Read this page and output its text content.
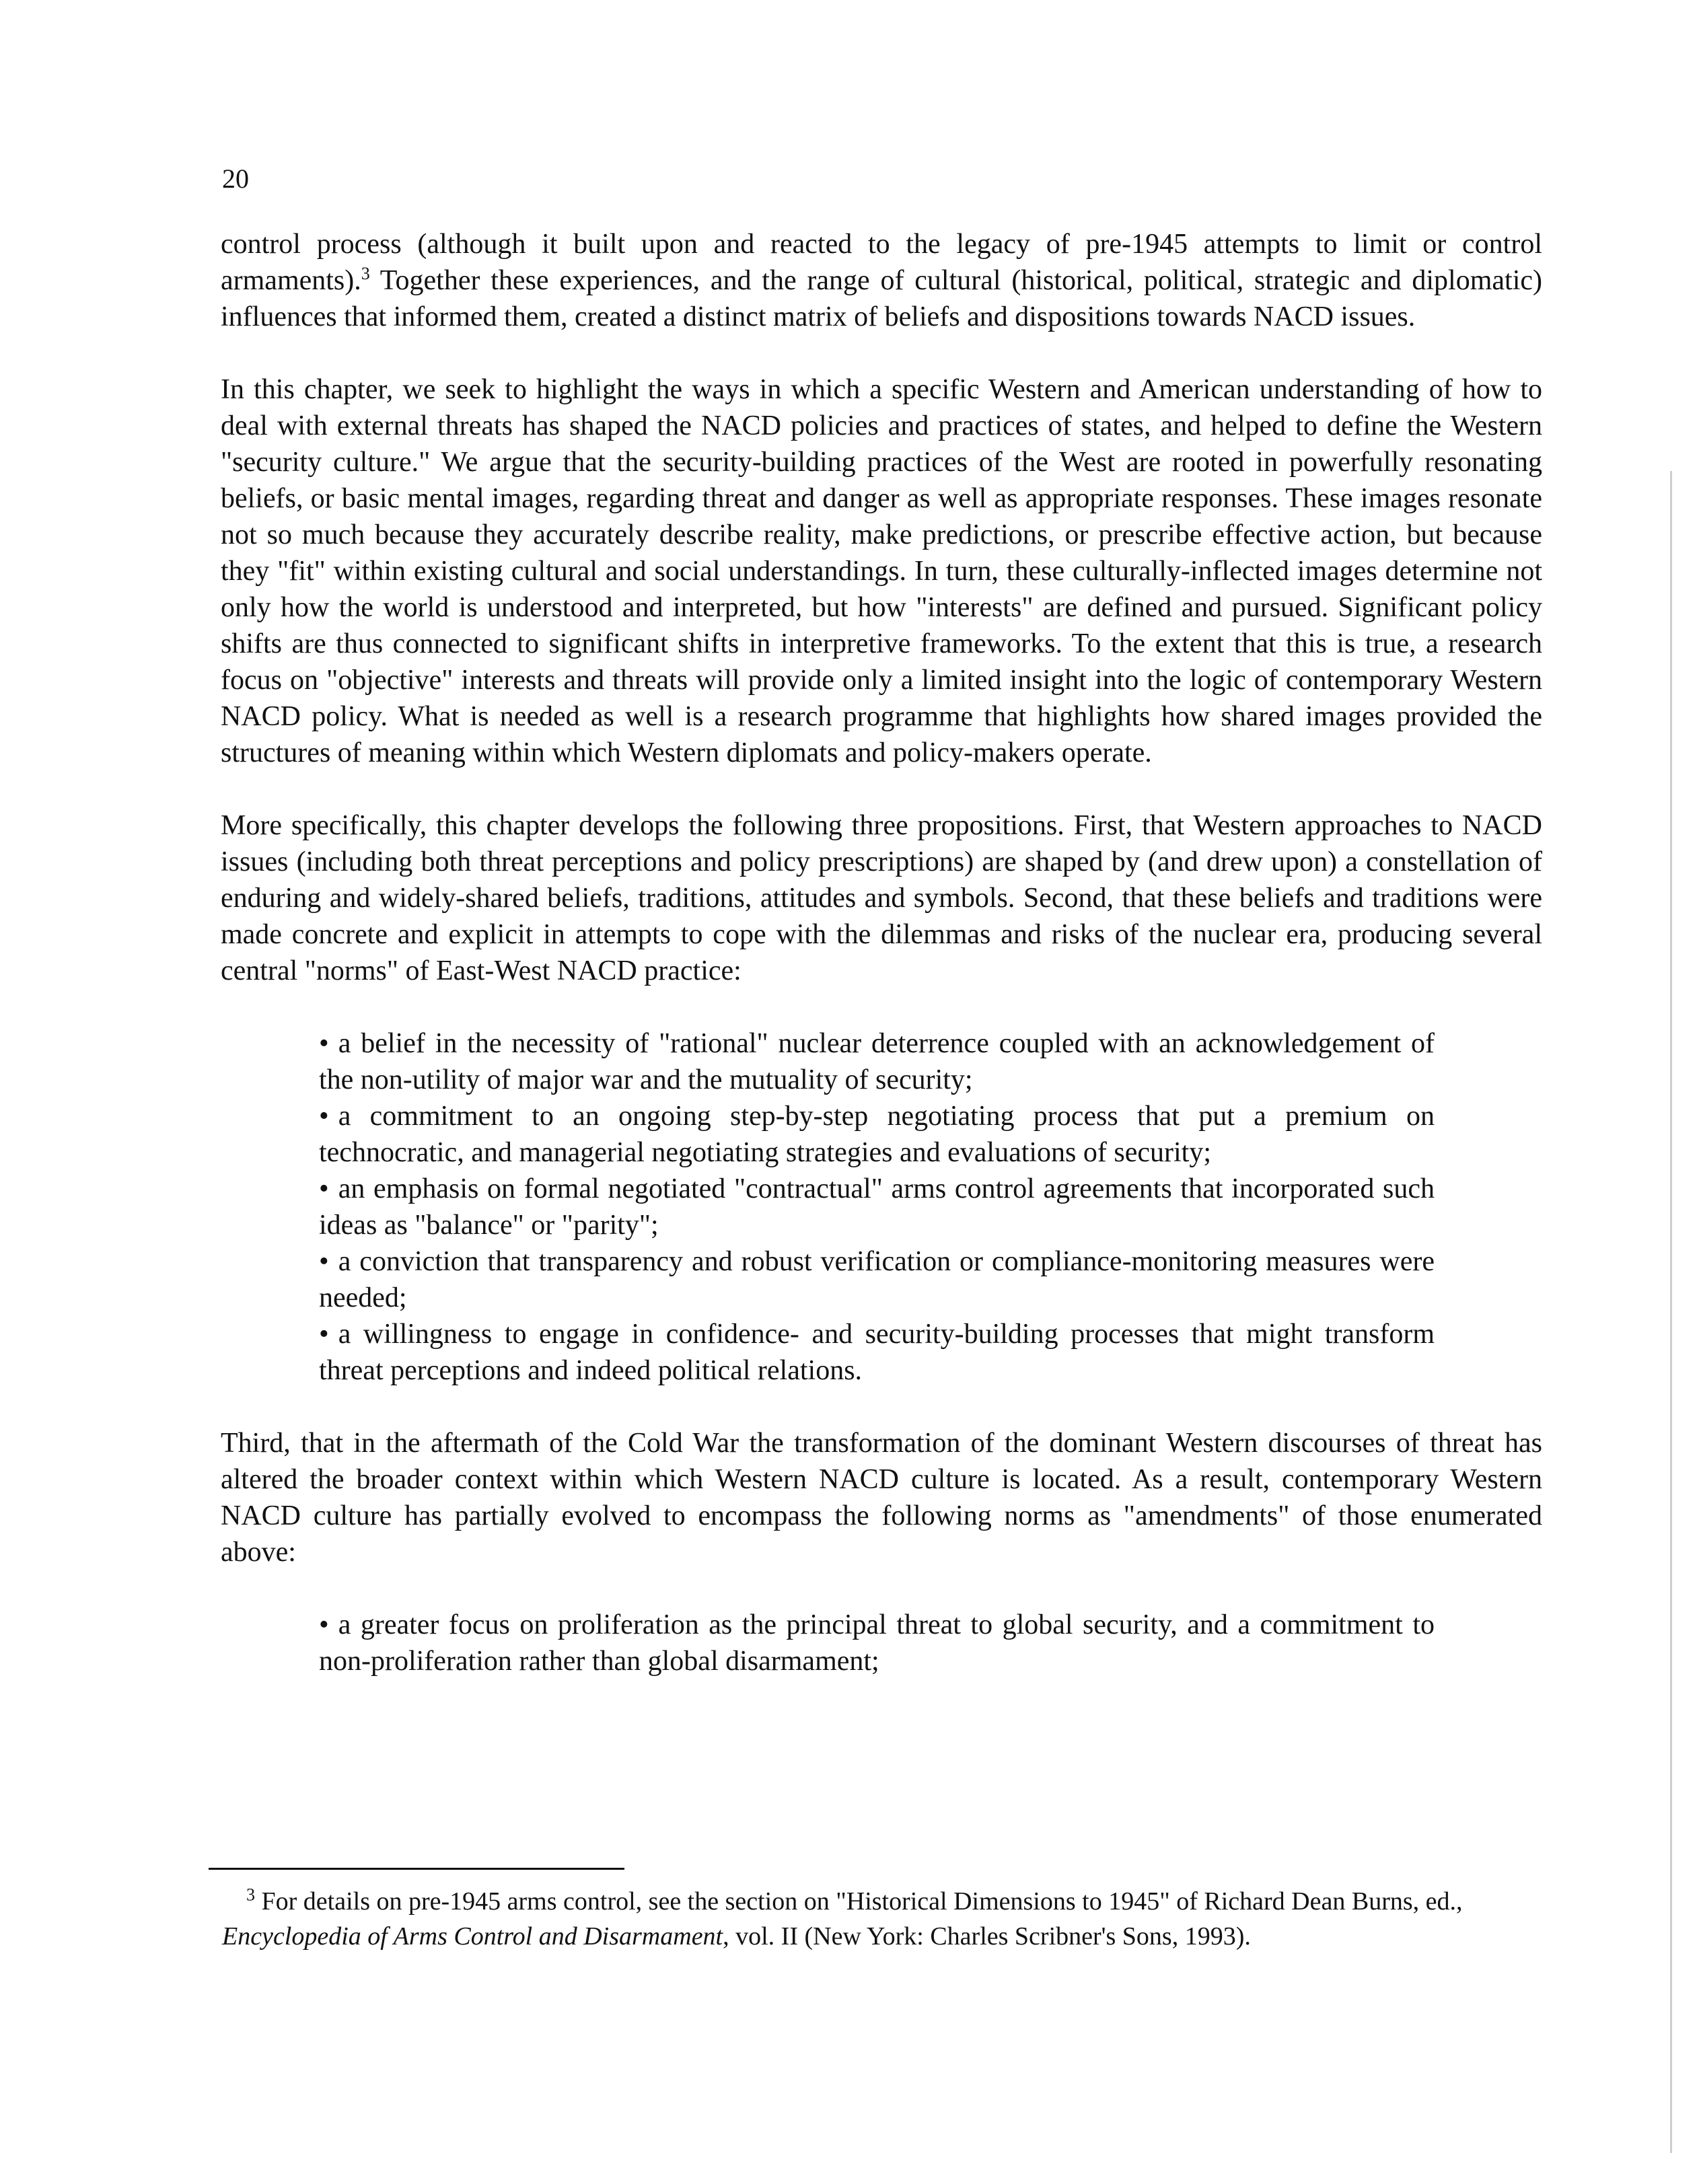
20

control process (although it built upon and reacted to the legacy of pre-1945 attempts to limit or control armaments).$^3$ Together these experiences, and the range of cultural (historical, political, strategic and diplomatic) influences that informed them, created a distinct matrix of beliefs and dispositions towards NACD issues.

In this chapter, we seek to highlight the ways in which a specific Western and American understanding of how to deal with external threats has shaped the NACD policies and practices of states, and helped to define the Western "security culture." We argue that the security-building practices of the West are rooted in powerfully resonating beliefs, or basic mental images, regarding threat and danger as well as appropriate responses. These images resonate not so much because they accurately describe reality, make predictions, or prescribe effective action, but because they "fit" within existing cultural and social understandings. In turn, these culturally-inflected images determine not only how the world is understood and interpreted, but how "interests" are defined and pursued. Significant policy shifts are thus connected to significant shifts in interpretive frameworks. To the extent that this is true, a research focus on "objective" interests and threats will provide only a limited insight into the logic of contemporary Western NACD policy. What is needed as well is a research programme that highlights how shared images provided the structures of meaning within which Western diplomats and policy-makers operate.

More specifically, this chapter develops the following three propositions. First, that Western approaches to NACD issues (including both threat perceptions and policy prescriptions) are shaped by (and drew upon) a constellation of enduring and widely-shared beliefs, traditions, attitudes and symbols. Second, that these beliefs and traditions were made concrete and explicit in attempts to cope with the dilemmas and risks of the nuclear era, producing several central "norms" of East-West NACD practice:

• a belief in the necessity of "rational" nuclear deterrence coupled with an acknowledgement of the non-utility of major war and the mutuality of security;
• a commitment to an ongoing step-by-step negotiating process that put a premium on technocratic, and managerial negotiating strategies and evaluations of security;
• an emphasis on formal negotiated "contractual" arms control agreements that incorporated such ideas as "balance" or "parity";
• a conviction that transparency and robust verification or compliance-monitoring measures were needed;
• a willingness to engage in confidence- and security-building processes that might transform threat perceptions and indeed political relations.

Third, that in the aftermath of the Cold War the transformation of the dominant Western discourses of threat has altered the broader context within which Western NACD culture is located. As a result, contemporary Western NACD culture has partially evolved to encompass the following norms as "amendments" of those enumerated above:

• a greater focus on proliferation as the principal threat to global security, and a commitment to non-proliferation rather than global disarmament;
$^3$ For details on pre-1945 arms control, see the section on "Historical Dimensions to 1945" of Richard Dean Burns, ed., Encyclopedia of Arms Control and Disarmament, vol. II (New York: Charles Scribner's Sons, 1993).
